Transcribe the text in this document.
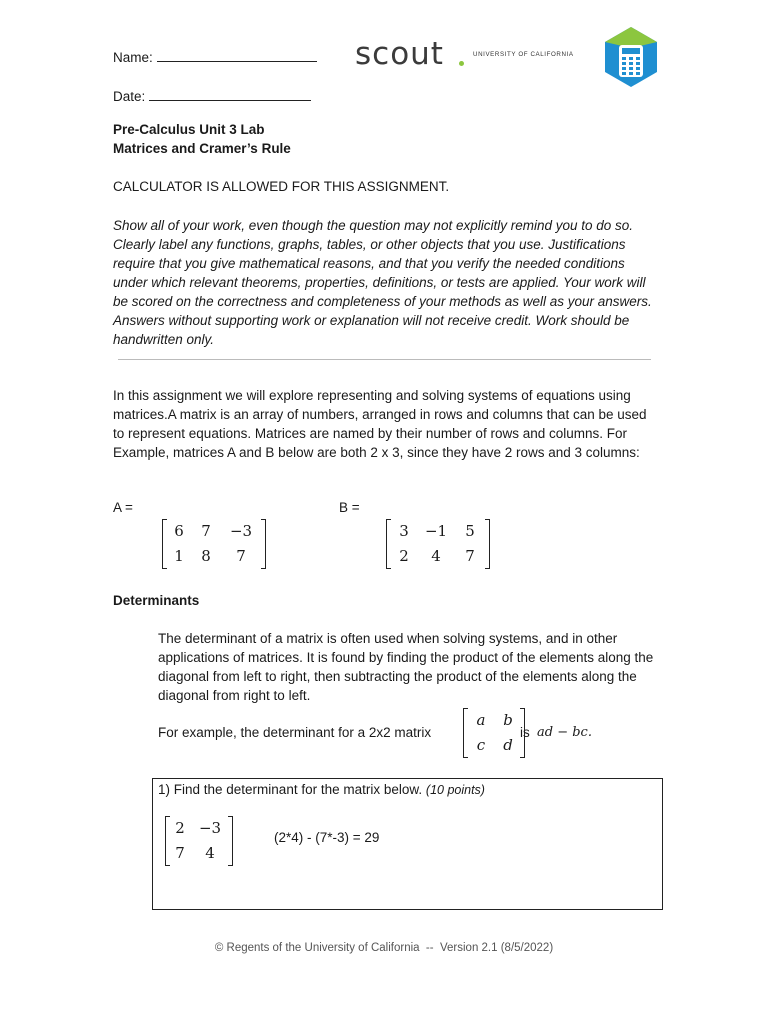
Name:
Date:
scout	UNIVERSITY OF CALIFORNIA
Pre-Calculus Unit 3 Lab
Matrices and Cramer’s Rule
CALCULATOR IS ALLOWED FOR THIS ASSIGNMENT.
Show all of your work, even though the question may not explicitly remind you to do so. Clearly label any functions, graphs, tables, or other objects that you use. Justifications require that you give mathematical reasons, and that you verify the needed conditions under which relevant theorems, properties, definitions, or tests are applied. Your work will be scored on the correctness and completeness of your methods as well as your answers. Answers without supporting work or explanation will not receive credit. Work should be handwritten only.
In this assignment we will explore representing and solving systems of equations using matrices.A matrix is an array of numbers, arranged in rows and columns that can be used to represent equations. Matrices are named by their number of rows and columns. For Example, matrices A and B below are both 2 x 3, since they have 2 rows and 3 columns:
A =
6	7	−3
1	8	7
B =
3	−1	5
2	4	7
Determinants
The determinant of a matrix is often used when solving systems, and in other applications of matrices. It is found by finding the product of the elements along the diagonal from left to right, then subtracting the product of the elements along the diagonal from right to left.
For example, the determinant for a 2x2 matrix
a	b
c	d
is ad − bc.
1) Find the determinant for the matrix below. (10 points)
2 −3
7	4
(2*4) - (7*-3) = 29
© Regents of the University of California  --  Version 2.1 (8/5/2022)
